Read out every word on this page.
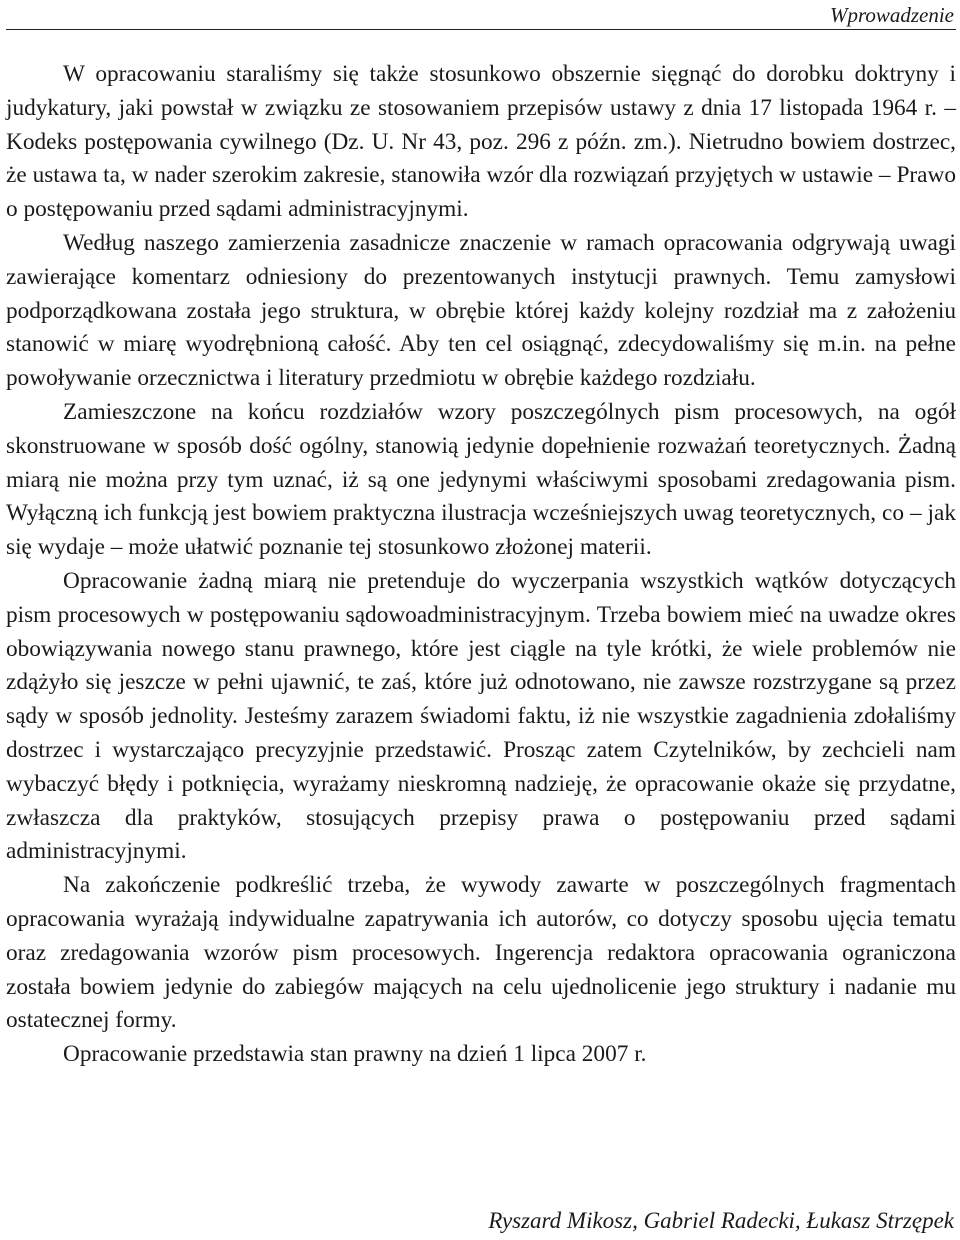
Wprowadzenie

W opracowaniu staraliśmy się także stosunkowo obszernie sięgnąć do dorobku doktryny i judykatury, jaki powstał w związku ze stosowaniem przepisów ustawy z dnia 17 listopada 1964 r. – Kodeks postępowania cywilnego (Dz. U. Nr 43, poz. 296 z późn. zm.). Nietrudno bowiem dostrzec, że ustawa ta, w nader szerokim zakresie, stanowiła wzór dla rozwiązań przyjętych w ustawie – Prawo o postępowaniu przed sądami administracyjnymi.

Według naszego zamierzenia zasadnicze znaczenie w ramach opracowania odgrywają uwagi zawierające komentarz odniesiony do prezentowanych instytucji prawnych. Temu zamysłowi podporządkowana została jego struktura, w obrębie której każdy kolejny rozdział ma z założeniu stanowić w miarę wyodrębnioną całość. Aby ten cel osiągnąć, zdecydowaliśmy się m.in. na pełne powoływanie orzecznictwa i literatury przedmiotu w obrębie każdego rozdziału.

Zamieszczone na końcu rozdziałów wzory poszczególnych pism procesowych, na ogół skonstruowane w sposób dość ogólny, stanowią jedynie dopełnienie rozważań teoretycznych. Żadną miarą nie można przy tym uznać, iż są one jedynymi właściwymi sposobami zredagowania pism. Wyłączną ich funkcją jest bowiem praktyczna ilustracja wcześniejszych uwag teoretycznych, co – jak się wydaje – może ułatwić poznanie tej stosunkowo złożonej materii.

Opracowanie żadną miarą nie pretenduje do wyczerpania wszystkich wątków dotyczących pism procesowych w postępowaniu sądowoadministracyjnym. Trzeba bowiem mieć na uwadze okres obowiązywania nowego stanu prawnego, które jest ciągle na tyle krótki, że wiele problemów nie zdążyło się jeszcze w pełni ujawnić, te zaś, które już odnotowano, nie zawsze rozstrzygane są przez sądy w sposób jednolity. Jesteśmy zarazem świadomi faktu, iż nie wszystkie zagadnienia zdołaliśmy dostrzec i wystarczająco precyzyjnie przedstawić. Prosząc zatem Czytelników, by zechcieli nam wybaczyć błędy i potknięcia, wyrażamy nieskromną nadzieję, że opracowanie okaże się przydatne, zwłaszcza dla praktyków, stosujących przepisy prawa o postępowaniu przed sądami administracyjnymi.

Na zakończenie podkreślić trzeba, że wywody zawarte w poszczególnych fragmentach opracowania wyrażają indywidualne zapatrywania ich autorów, co dotyczy sposobu ujęcia tematu oraz zredagowania wzorów pism procesowych. Ingerencja redaktora opracowania ograniczona została bowiem jedynie do zabiegów mających na celu ujednolicenie jego struktury i nadanie mu ostatecznej formy.

Opracowanie przedstawia stan prawny na dzień 1 lipca 2007 r.

Ryszard Mikosz, Gabriel Radecki, Łukasz Strzępek
